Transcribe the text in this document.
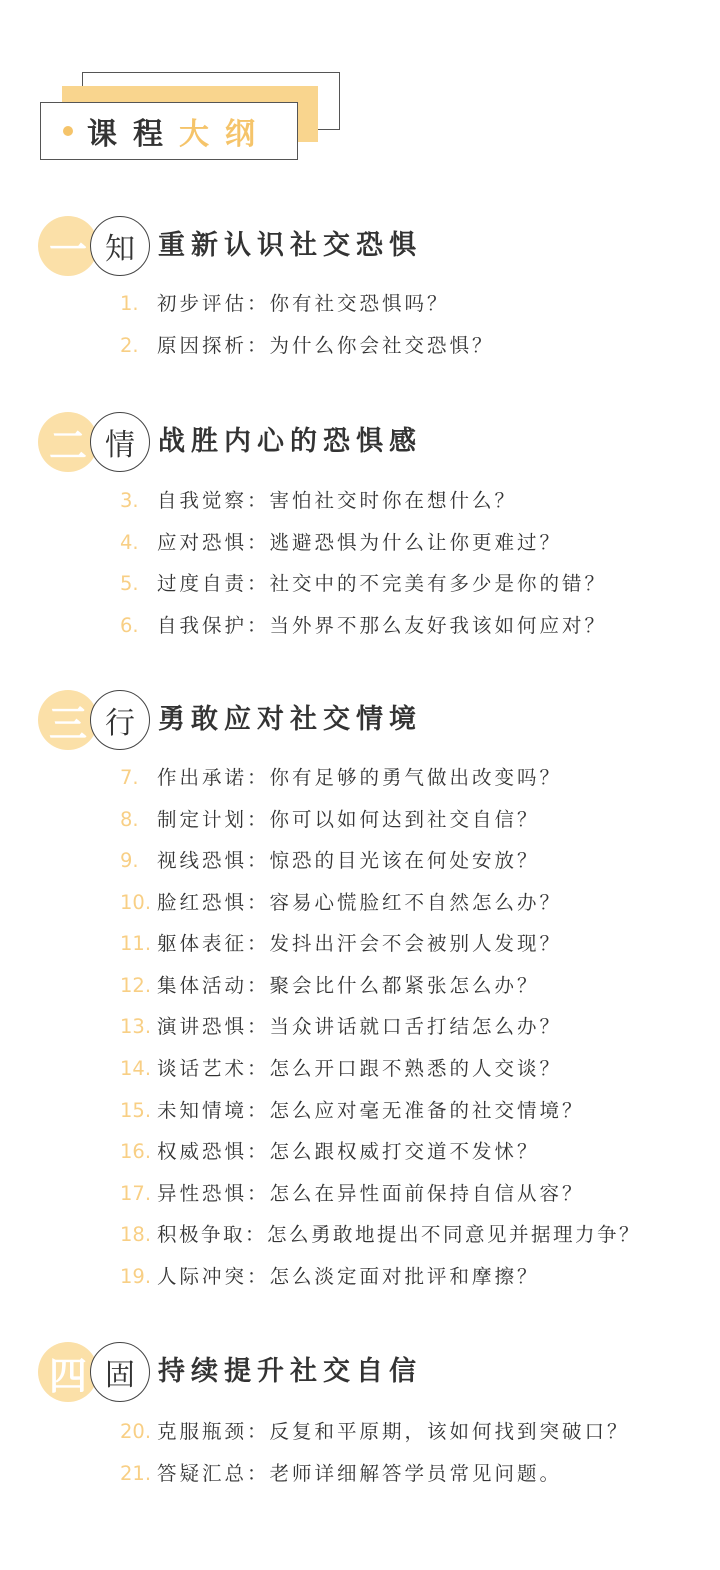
课程大纲
一 知 重新认识社交恐惧
1. 初步评估：你有社交恐惧吗？
2. 原因探析：为什么你会社交恐惧？
二 情 战胜内心的恐惧感
3. 自我觉察：害怕社交时你在想什么？
4. 应对恐惧：逃避恐惧为什么让你更难过？
5. 过度自责：社交中的不完美有多少是你的错？
6. 自我保护：当外界不那么友好我该如何应对？
三 行 勇敢应对社交情境
7. 作出承诺：你有足够的勇气做出改变吗？
8. 制定计划：你可以如何达到社交自信？
9. 视线恐惧：惊恐的目光该在何处安放？
10. 脸红恐惧：容易心慌脸红不自然怎么办？
11. 躯体表征：发抖出汗会不会被别人发现？
12. 集体活动：聚会比什么都紧张怎么办？
13. 演讲恐惧：当众讲话就口舌打结怎么办？
14. 谈话艺术：怎么开口跟不熟悉的人交谈？
15. 未知情境：怎么应对毫无准备的社交情境？
16. 权威恐惧：怎么跟权威打交道不发怵？
17. 异性恐惧：怎么在异性面前保持自信从容？
18. 积极争取：怎么勇敢地提出不同意见并据理力争？
19. 人际冲突：怎么淡定面对批评和摩擦？
四 固 持续提升社交自信
20. 克服瓶颈：反复和平原期，该如何找到突破口？
21. 答疑汇总：老师详细解答学员常见问题。
